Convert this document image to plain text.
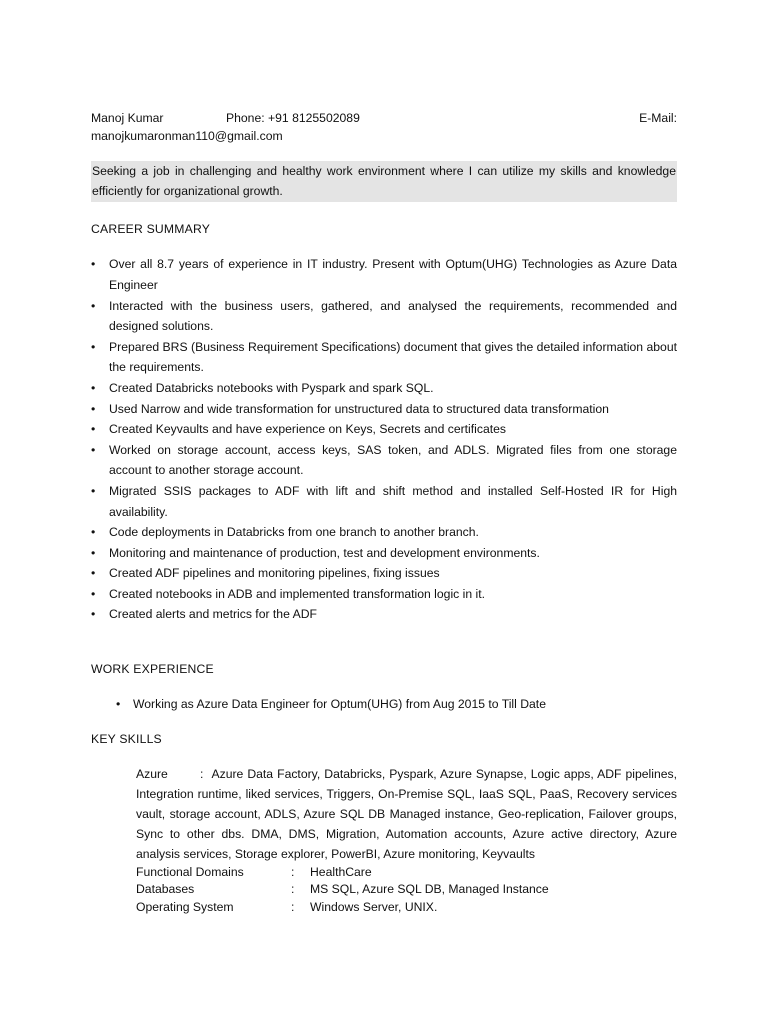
Manoj Kumar	Phone: +91 8125502089	E-Mail:
manojkumaronman110@gmail.com
Seeking a job in challenging and healthy work environment where I can utilize my skills and knowledge efficiently for organizational growth.
CAREER SUMMARY
• Over all 8.7 years of experience in IT industry. Present with Optum(UHG) Technologies as Azure Data Engineer
• Interacted with the business users, gathered, and analysed the requirements, recommended and designed solutions.
• Prepared BRS (Business Requirement Specifications) document that gives the detailed information about the requirements.
• Created Databricks notebooks with Pyspark and spark SQL.
• Used Narrow and wide transformation for unstructured data to structured data transformation
• Created Keyvaults and have experience on Keys, Secrets and certificates
• Worked on storage account, access keys, SAS token, and ADLS. Migrated files from one storage account to another storage account.
• Migrated SSIS packages to ADF with lift and shift method and installed Self-Hosted IR for High availability.
• Code deployments in Databricks from one branch to another branch.
• Monitoring and maintenance of production, test and development environments.
• Created ADF pipelines and monitoring pipelines, fixing issues
• Created notebooks in ADB and implemented transformation logic in it.
• Created alerts and metrics for the ADF
WORK EXPERIENCE
• Working as Azure Data Engineer for Optum(UHG) from Aug 2015 to Till Date
KEY SKILLS
Azure	: Azure Data Factory, Databricks, Pyspark, Azure Synapse, Logic apps, ADF pipelines, Integration runtime, liked services, Triggers, On-Premise SQL, IaaS SQL, PaaS, Recovery services vault, storage account, ADLS, Azure SQL DB Managed instance, Geo-replication, Failover groups, Sync to other dbs. DMA, DMS, Migration, Automation accounts, Azure active directory, Azure analysis services, Storage explorer, PowerBI, Azure monitoring, Keyvaults
Functional Domains	:	HealthCare
Databases	:	MS SQL, Azure SQL DB, Managed Instance
Operating System	:	Windows Server, UNIX.
